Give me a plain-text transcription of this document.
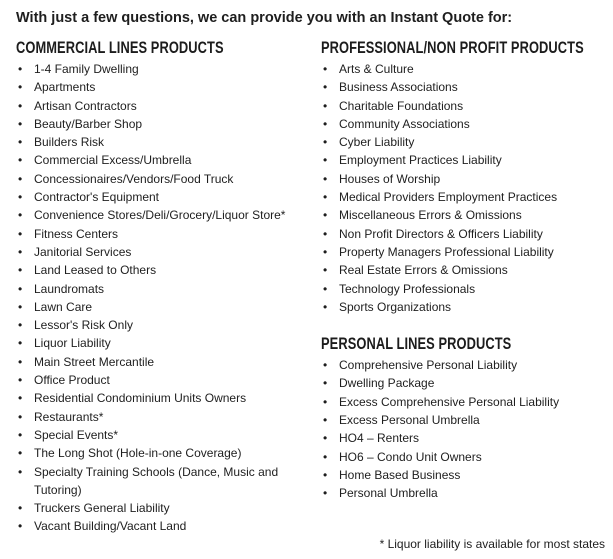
With just a few questions, we can provide you with an Instant Quote for:
COMMERCIAL LINES PRODUCTS
• 1-4 Family Dwelling
• Apartments
• Artisan Contractors
• Beauty/Barber Shop
• Builders Risk
• Commercial Excess/Umbrella
• Concessionaires/Vendors/Food Truck
• Contractor's Equipment
• Convenience Stores/Deli/Grocery/Liquor Store*
• Fitness Centers
• Janitorial Services
• Land Leased to Others
• Laundromats
• Lawn Care
• Lessor's Risk Only
• Liquor Liability
• Main Street Mercantile
• Office Product
• Residential Condominium Units Owners
• Restaurants*
• Special Events*
• The Long Shot (Hole-in-one Coverage)
• Specialty Training Schools (Dance, Music and Tutoring)
• Truckers General Liability
• Vacant Building/Vacant Land
PROFESSIONAL/NON PROFIT PRODUCTS
• Arts & Culture
• Business Associations
• Charitable Foundations
• Community Associations
• Cyber Liability
• Employment Practices Liability
• Houses of Worship
• Medical Providers Employment Practices
• Miscellaneous Errors & Omissions
• Non Profit Directors & Officers Liability
• Property Managers Professional Liability
• Real Estate Errors & Omissions
• Technology Professionals
• Sports Organizations
PERSONAL LINES PRODUCTS
• Comprehensive Personal Liability
• Dwelling Package
• Excess Comprehensive Personal Liability
• Excess Personal Umbrella
• HO4 – Renters
• HO6 – Condo Unit Owners
• Home Based Business
• Personal Umbrella
* Liquor liability is available for most states
